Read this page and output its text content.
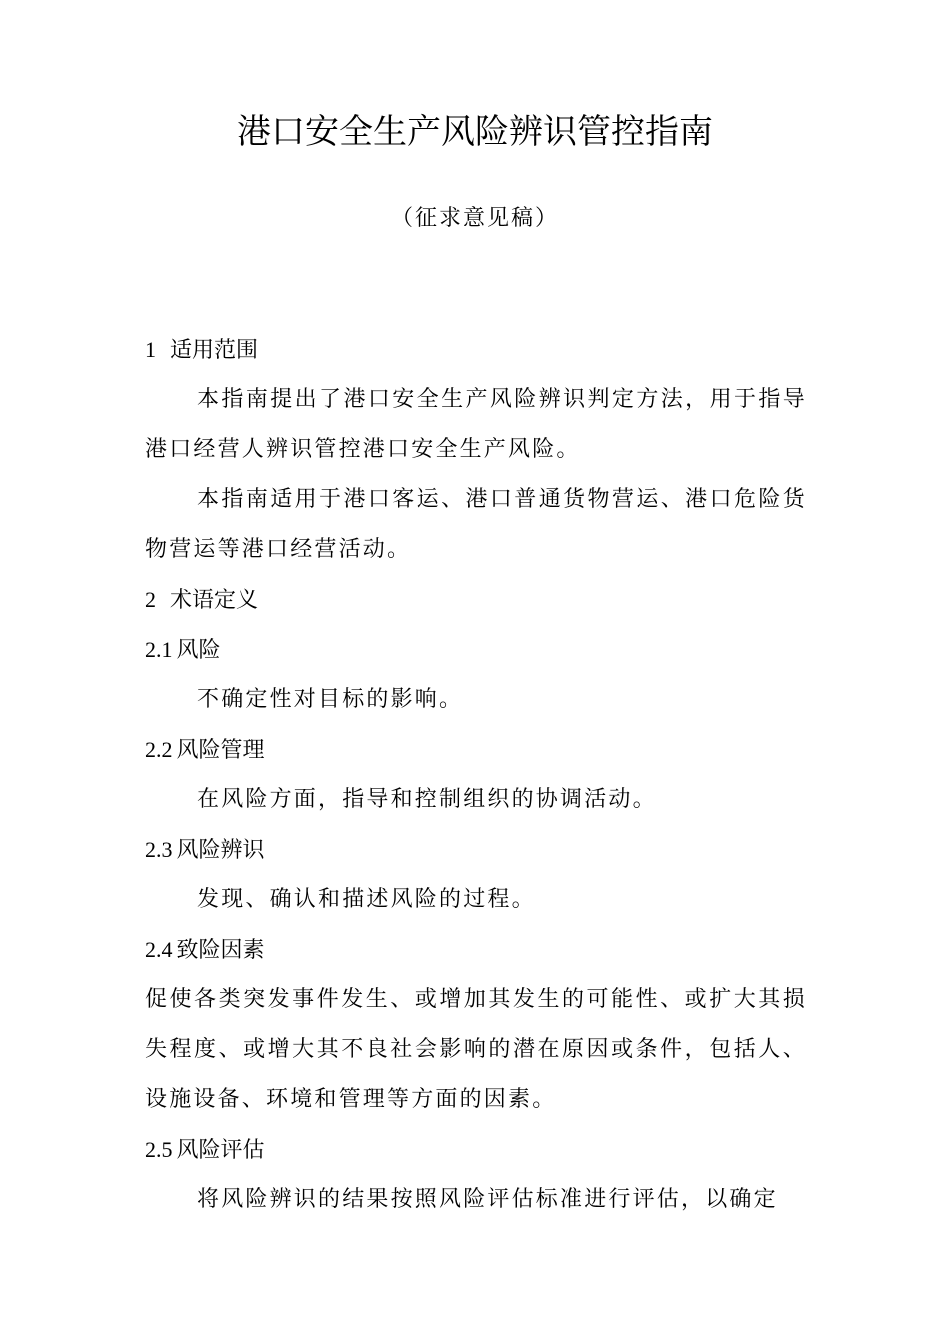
港口安全生产风险辨识管控指南
（征求意见稿）
1 适用范围
本指南提出了港口安全生产风险辨识判定方法，用于指导港口经营人辨识管控港口安全生产风险。
本指南适用于港口客运、港口普通货物营运、港口危险货物营运等港口经营活动。
2 术语定义
2.1 风险
不确定性对目标的影响。
2.2 风险管理
在风险方面，指导和控制组织的协调活动。
2.3 风险辨识
发现、确认和描述风险的过程。
2.4 致险因素
促使各类突发事件发生、或增加其发生的可能性、或扩大其损失程度、或增大其不良社会影响的潜在原因或条件，包括人、设施设备、环境和管理等方面的因素。
2.5 风险评估
将风险辨识的结果按照风险评估标准进行评估，以确定
